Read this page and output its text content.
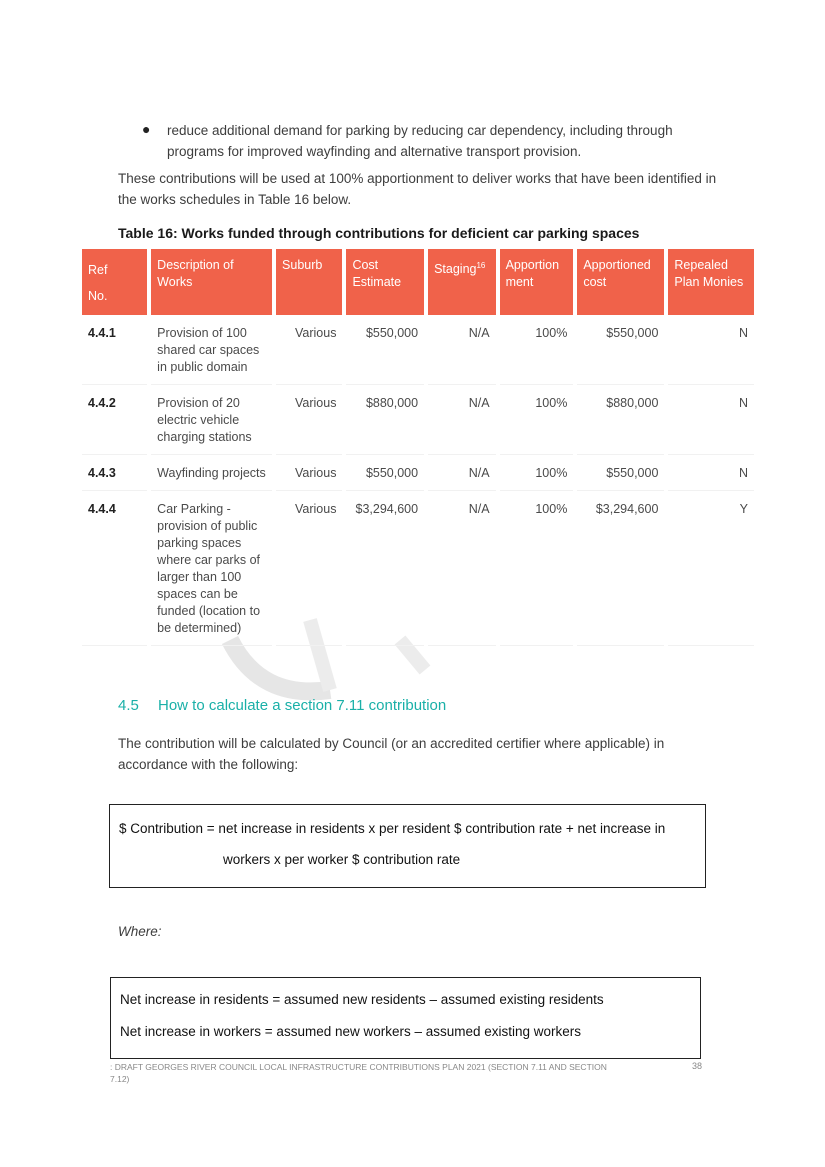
● reduce additional demand for parking by reducing car dependency, including through programs for improved wayfinding and alternative transport provision.
These contributions will be used at 100% apportionment to deliver works that have been identified in the works schedules in Table 16 below.
Table 16: Works funded through contributions for deficient car parking spaces
Ref No.	Description of Works	Suburb	Cost Estimate	Staging$^{16}$	Apportion ment	Apportioned cost	Repealed Plan Monies
4.4.1	Provision of 100 shared car spaces in public domain	Various	$550,000	N/A	100%	$550,000	N
4.4.2	Provision of 20 electric vehicle charging stations	Various	$880,000	N/A	100%	$880,000	N
4.4.3	Wayfinding projects	Various	$550,000	N/A	100%	$550,000	N
4.4.4	Car Parking - provision of public parking spaces where car parks of larger than 100 spaces can be funded (location to be determined)	Various	$3,294,600	N/A	100%	$3,294,600	Y
4.5 How to calculate a section 7.11 contribution
The contribution will be calculated by Council (or an accredited certifier where applicable) in accordance with the following:
$ Contribution = net increase in residents x per resident $ contribution rate + net increase in
workers x per worker $ contribution rate
Where:
Net increase in residents = assumed new residents – assumed existing residents
Net increase in workers = assumed new workers – assumed existing workers
: DRAFT GEORGES RIVER COUNCIL LOCAL INFRASTRUCTURE CONTRIBUTIONS PLAN 2021 (SECTION 7.11 AND SECTION 7.12)
38
